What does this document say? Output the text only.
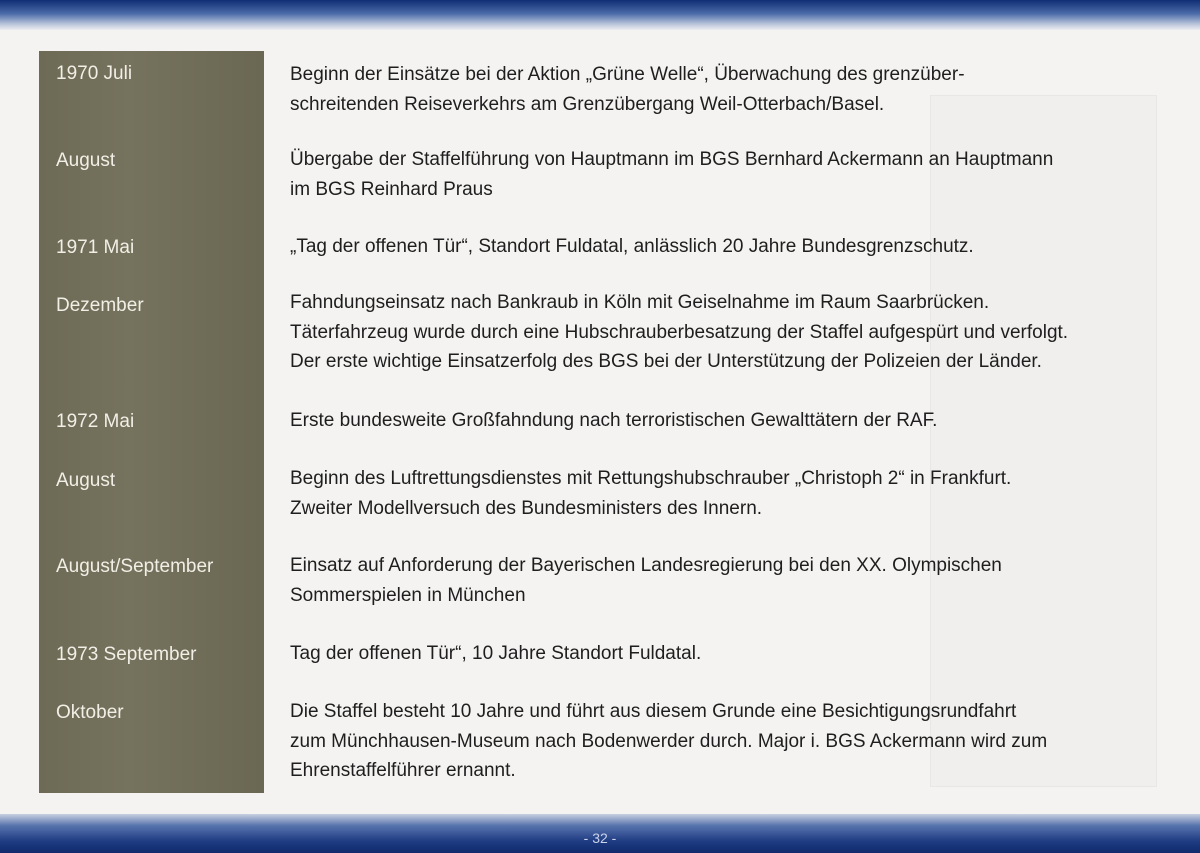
1970 Juli	Beginn der Einsätze bei der Aktion „Grüne Welle“, Überwachung des grenzüber-
schreitenden Reiseverkehrs am Grenzübergang Weil-Otterbach/Basel.
August	Übergabe der Staffelführung von Hauptmann im BGS Bernhard Ackermann an Hauptmann
im BGS Reinhard Praus
1971 Mai	„Tag der offenen Tür“, Standort Fuldatal, anlässlich 20 Jahre Bundesgrenzschutz.
Dezember	Fahndungseinsatz nach Bankraub in Köln mit Geiselnahme im Raum Saarbrücken.
Täterfahrzeug wurde durch eine Hubschrauberbesatzung der Staffel aufgespürt und verfolgt.
Der erste wichtige Einsatzerfolg des BGS bei der Unterstützung der Polizeien der Länder.
1972 Mai	Erste bundesweite Großfahndung nach terroristischen Gewalttätern der RAF.
August	Beginn des Luftrettungsdienstes mit Rettungshubschrauber „Christoph 2“ in Frankfurt.
Zweiter Modellversuch des Bundesministers des Innern.
August/September	Einsatz auf Anforderung der Bayerischen Landesregierung bei den XX. Olympischen
Sommerspielen in München
1973 September	Tag der offenen Tür“, 10 Jahre Standort Fuldatal.
Oktober	Die Staffel besteht 10 Jahre und führt aus diesem Grunde eine Besichtigungsrundfahrt
zum Münchhausen-Museum nach Bodenwerder durch. Major i. BGS Ackermann wird zum
Ehrenstaffelführer ernannt.
- 32 -
